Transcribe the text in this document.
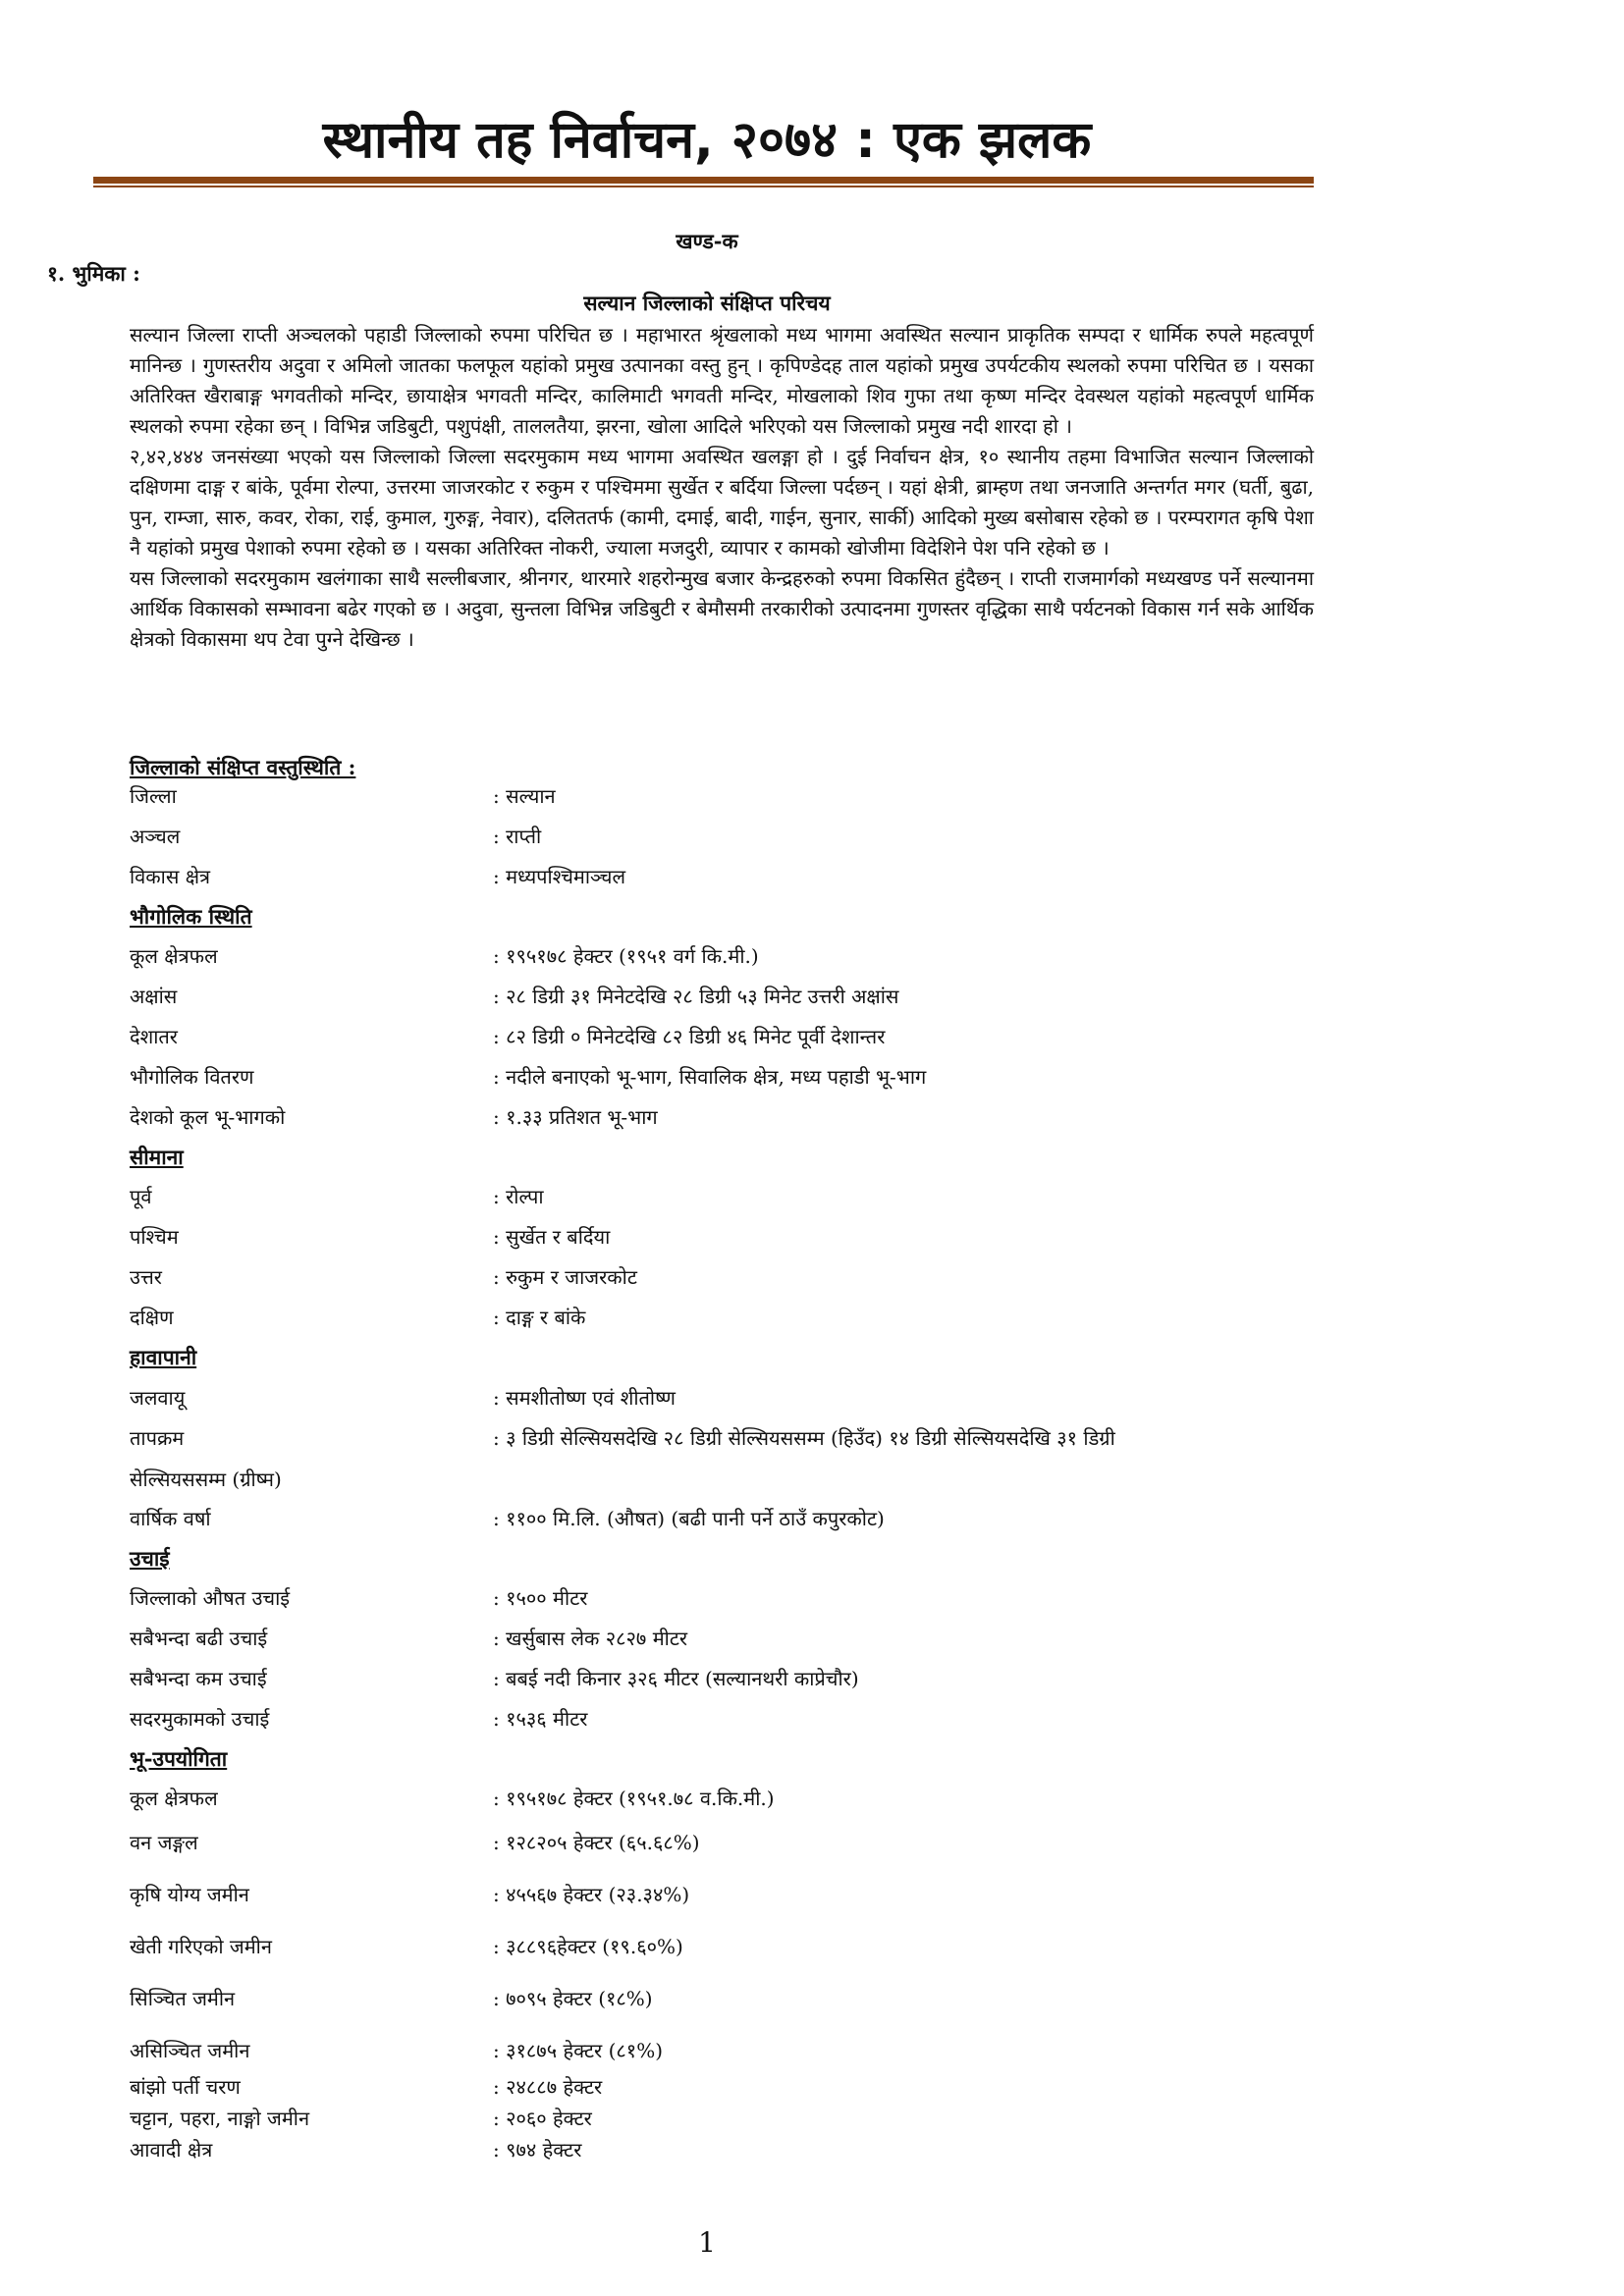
स्थानीय तह निर्वाचन, २०७४ : एक झलक
खण्ड-क
१. भुमिका :
सल्यान जिल्लाको संक्षिप्त परिचय

सल्यान जिल्ला राप्ती अञ्चलको पहाडी जिल्लाको रुपमा परिचित छ । महाभारत श्रृंखलाको मध्य भागमा अवस्थित सल्यान प्राकृतिक सम्पदा र धार्मिक रुपले महत्वपूर्ण मानिन्छ । गुणस्तरीय अदुवा र अमिलो जातका फलफूल यहांको प्रमुख उत्पानका वस्तु हुन् । कृपिण्डेदह ताल यहांको प्रमुख उपर्यटकीय स्थलको रुपमा परिचित छ । यसका अतिरिक्त खैराबाङ्ग भगवतीको मन्दिर, छायाक्षेत्र भगवती मन्दिर, कालिमाटी भगवती मन्दिर, मोखलाको शिव गुफा तथा कृष्ण मन्दिर देवस्थल यहांको महत्वपूर्ण धार्मिक स्थलको रुपमा रहेका छन् । विभिन्न जडिबुटी, पशुपंक्षी, ताललतैया, झरना, खोला आदिले भरिएको यस जिल्लाको प्रमुख नदी शारदा हो ।

२,४२,४४४ जनसंख्या भएको यस जिल्लाको जिल्ला सदरमुकाम मध्य भागमा अवस्थित खलङ्गा हो । दुई निर्वाचन क्षेत्र, १० स्थानीय तहमा विभाजित सल्यान जिल्लाको दक्षिणमा दाङ्ग र बांके, पूर्वमा रोल्पा, उत्तरमा जाजरकोट र रुकुम र पश्चिममा सुर्खेत र बर्दिया जिल्ला पर्दछन् । यहां क्षेत्री, ब्राम्हण तथा जनजाति अन्तर्गत मगर (घर्ती, बुढा, पुन, राम्जा, सारु, कवर, रोका, राई, कुमाल, गुरुङ्ग, नेवार), दलिततर्फ (कामी, दमाई, बादी, गाईन, सुनार, सार्की) आदिको मुख्य बसोबास रहेको छ । परम्परागत कृषि पेशा नै यहांको प्रमुख पेशाको रुपमा रहेको छ । यसका अतिरिक्त नोकरी, ज्याला मजदुरी, व्यापार र कामको खोजीमा विदेशिने पेश पनि रहेको छ ।

यस जिल्लाको सदरमुकाम खलंगाका साथै सल्लीबजार, श्रीनगर, थारमारे शहरोन्मुख बजार केन्द्रहरुको रुपमा विकसित हुंदैछन् । राप्ती राजमार्गको मध्यखण्ड पर्ने सल्यानमा आर्थिक विकासको सम्भावना बढेर गएको छ । अदुवा, सुन्तला विभिन्न जडिबुटी र बेमौसमी तरकारीको उत्पादनमा गुणस्तर वृद्धिका साथै पर्यटनको विकास गर्न सके आर्थिक क्षेत्रको विकासमा थप टेवा पुग्ने देखिन्छ ।

जिल्लाको संक्षिप्त वस्तुस्थिति :
जिल्ला	: सल्यान
अञ्चल	: राप्ती
विकास क्षेत्र	: मध्यपश्चिमाञ्चल
भौगोलिक स्थिति
कूल क्षेत्रफल	: १९५१७८ हेक्टर (१९५१ वर्ग कि.मी.)
अक्षांस	: २८ डिग्री ३१ मिनेटदेखि २८ डिग्री ५३ मिनेट उत्तरी अक्षांस
देशातर	: ८२ डिग्री ० मिनेटदेखि ८२ डिग्री ४६ मिनेट पूर्वी देशान्तर
भौगोलिक वितरण	: नदीले बनाएको भू-भाग, सिवालिक क्षेत्र, मध्य पहाडी भू-भाग
देशको कूल भू-भागको	: १.३३ प्रतिशत भू-भाग
सीमाना
पूर्व	: रोल्पा
पश्चिम	: सुर्खेत र बर्दिया
उत्तर	: रुकुम र जाजरकोट
दक्षिण	: दाङ्ग र बांके
हावापानी
जलवायू	: समशीतोष्ण एवं शीतोष्ण
तापक्रम	: ३ डिग्री सेल्सियसदेखि २८ डिग्री सेल्सियससम्म (हिउँद) १४ डिग्री सेल्सियसदेखि ३१ डिग्री
सेल्सियससम्म (ग्रीष्म)
वार्षिक वर्षा	: ११०० मि.लि. (औषत) (बढी पानी पर्ने ठाउँ कपुरकोट)
उचाई
जिल्लाको औषत उचाई	: १५०० मीटर
सबैभन्दा बढी उचाई	: खर्सुबास लेक २८२७ मीटर
सबैभन्दा कम उचाई	: बबई नदी किनार ३२६ मीटर (सल्यानथरी काप्रेचौर)
सदरमुकामको उचाई	: १५३६ मीटर
भू-उपयोगिता
कूल क्षेत्रफल	: १९५१७८ हेक्टर (१९५१.७८ व.कि.मी.)
वन जङ्गल	: १२८२०५ हेक्टर (६५.६८%)
कृषि योग्य जमीन	: ४५५६७ हेक्टर (२३.३४%)
खेती गरिएको जमीन	: ३८८९६हेक्टर (१९.६०%)
सिञ्चित जमीन	: ७०९५ हेक्टर (१८%)
असिञ्चित जमीन	: ३१८७५ हेक्टर (८१%)
बांझो पर्ती चरण	: २४८८७ हेक्टर
चट्टान, पहरा, नाङ्गो जमीन	: २०६० हेक्टर
आवादी क्षेत्र	: ९७४ हेक्टर
1
